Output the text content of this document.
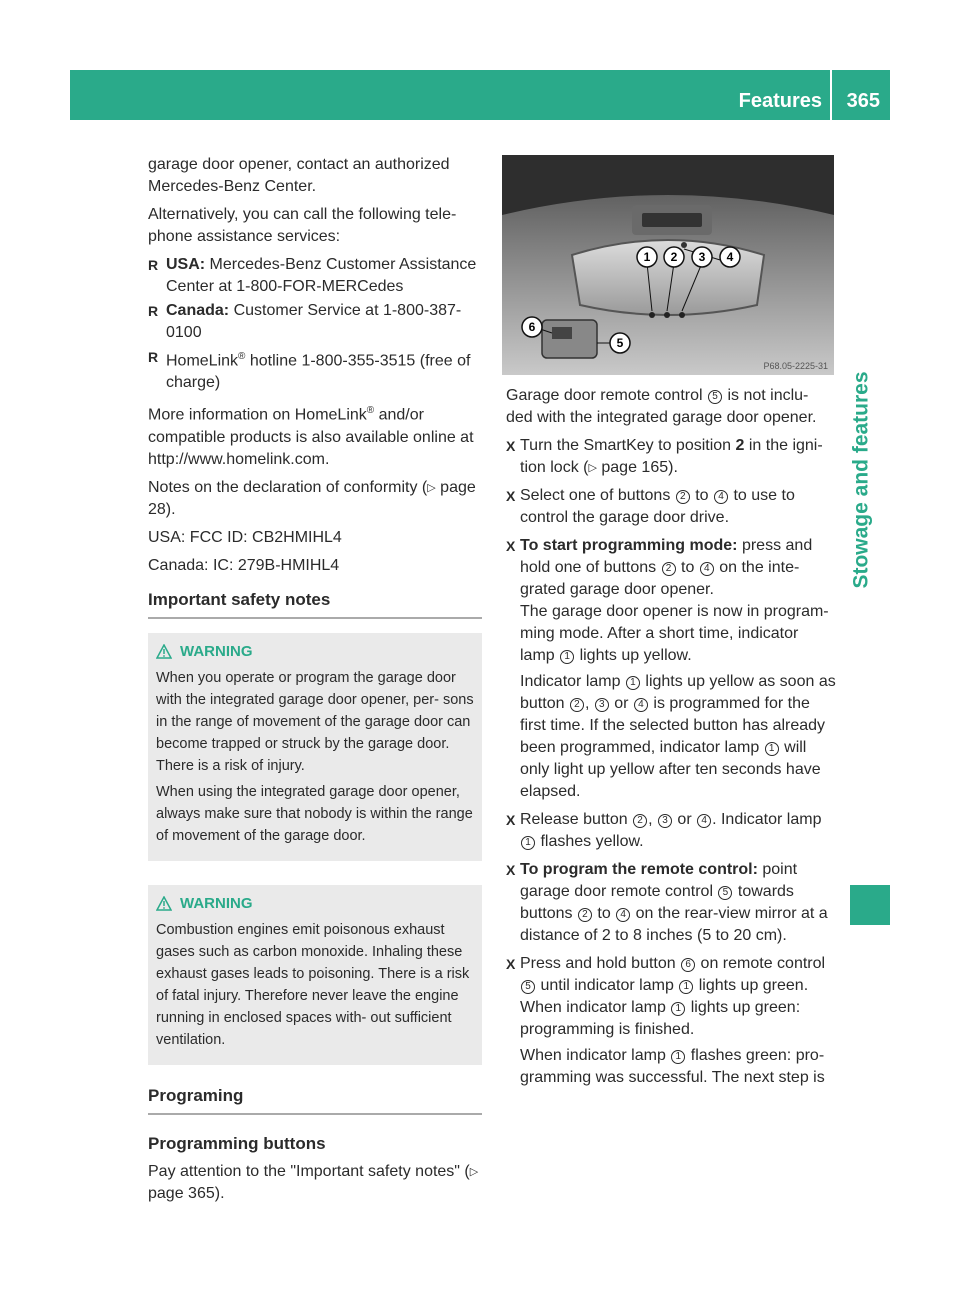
Features 365
Stowage and features

garage door opener, contact an authorized Mercedes-Benz Center.

Alternatively, you can call the following tele- phone assistance services:

R USA: Mercedes-Benz Customer Assistance Center at 1-800-FOR-MERCedes
R Canada: Customer Service at 1-800-387-0100
R HomeLink® hotline 1-800-355-3515 (free of charge)

More information on HomeLink® and/or compatible products is also available online at http://www.homelink.com.

Notes on the declaration of conformity (▷ page 28).

USA: FCC ID: CB2HMIHL4

Canada: IC: 279B-HMIHL4

Important safety notes
WARNING

When you operate or program the garage door with the integrated garage door opener, per- sons in the range of movement of the garage door can become trapped or struck by the garage door. There is a risk of injury.

When using the integrated garage door opener, always make sure that nobody is within the range of movement of the garage door.

WARNING

Combustion engines emit poisonous exhaust gases such as carbon monoxide. Inhaling these exhaust gases leads to poisoning. There is a risk of fatal injury. Therefore never leave the engine running in enclosed spaces with- out sufficient ventilation.

Programing
Programming buttons

Pay attention to the "Important safety notes" (▷ page 365).

1 2 3 4
5
6
P68.05-2225-31

Garage door remote control 5 is not inclu- ded with the integrated garage door opener.

X Turn the SmartKey to position 2 in the igni- tion lock (▷ page 165).
X Select one of buttons 2 to 4 to use to control the garage door drive.
X To start programming mode: press and hold one of buttons 2 to 4 on the inte- grated garage door opener.
The garage door opener is now in program- ming mode. After a short time, indicator lamp 1 lights up yellow.
Indicator lamp 1 lights up yellow as soon as button 2 , 3 or 4 is programmed for the first time. If the selected button has already been programmed, indicator lamp 1 will only light up yellow after ten seconds have elapsed.
X Release button 2 , 3 or 4 . Indicator lamp 1 flashes yellow.
X To program the remote control: point garage door remote control 5 towards buttons 2 to 4 on the rear-view mirror at a distance of 2 to 8 inches (5 to 20 cm).
X Press and hold button 6 on remote control 5 until indicator lamp 1 lights up green.
When indicator lamp 1 lights up green: programming is finished.
When indicator lamp 1 flashes green: pro- gramming was successful. The next step is
